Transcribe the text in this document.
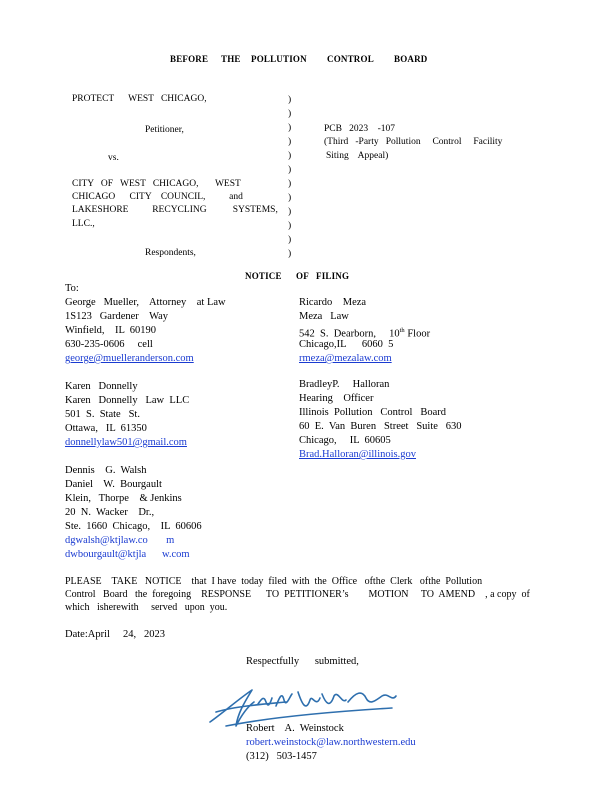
BEFORE THE POLLUTION CONTROL BOARD
PROTECT      WEST   CHICAGO,
Petitioner,
vs.
CITY   OF   WEST   CHICAGO,       WEST
CHICAGO      CITY    COUNCIL,          and
LAKESHORE          RECYCLING           SYSTEMS,
LLC.,
Respondents,
)
)
)
)
)
)
)
)
)
)
)
)
PCB   2023    -107
(Third   -Party   Pollution     Control     Facility
Siting    Appeal)
NOTICE OF FILING
To:
George   Mueller,    Attorney    at Law
1S123   Gardener    Way
Winfield,    IL  60190
630-235-0606     cell
george@muelleranderson.com
Ricardo    Meza
Meza   Law
542  S.  Dearborn,     10th Floor
Chicago,IL      6060  5
rmeza@mezalaw.com
Karen   Donnelly
Karen   Donnelly   Law  LLC
501  S.  State   St.
Ottawa,   IL  61350
donnellylaw501@gmail.com
BradleyP.     Halloran
Hearing    Officer
Illinois  Pollution   Control   Board
60  E.  Van  Buren   Street   Suite   630
Chicago,     IL  60605
Brad.Halloran@illinois.gov
Dennis    G.  Walsh
Daniel    W.  Bourgault
Klein,   Thorpe    & Jenkins
20  N.  Wacker    Dr.,
Ste.  1660  Chicago,    IL  60606
dgwalsh@ktjlaw.co       m
dwbourgault@ktjla      w.com
PLEASE    TAKE   NOTICE    that  I have  today  filed  with  the  Office   ofthe  Clerk   ofthe  Pollution
Control   Board   the  foregoing    RESPONSE      TO  PETITIONER’s        MOTION     TO  AMEND    , a copy  of
which   isherewith     served   upon  you.
Date:April     24,   2023
Respectfully      submitted,
Robert    A.  Weinstock
robert.weinstock@law.northwestern.edu
(312)   503-1457
